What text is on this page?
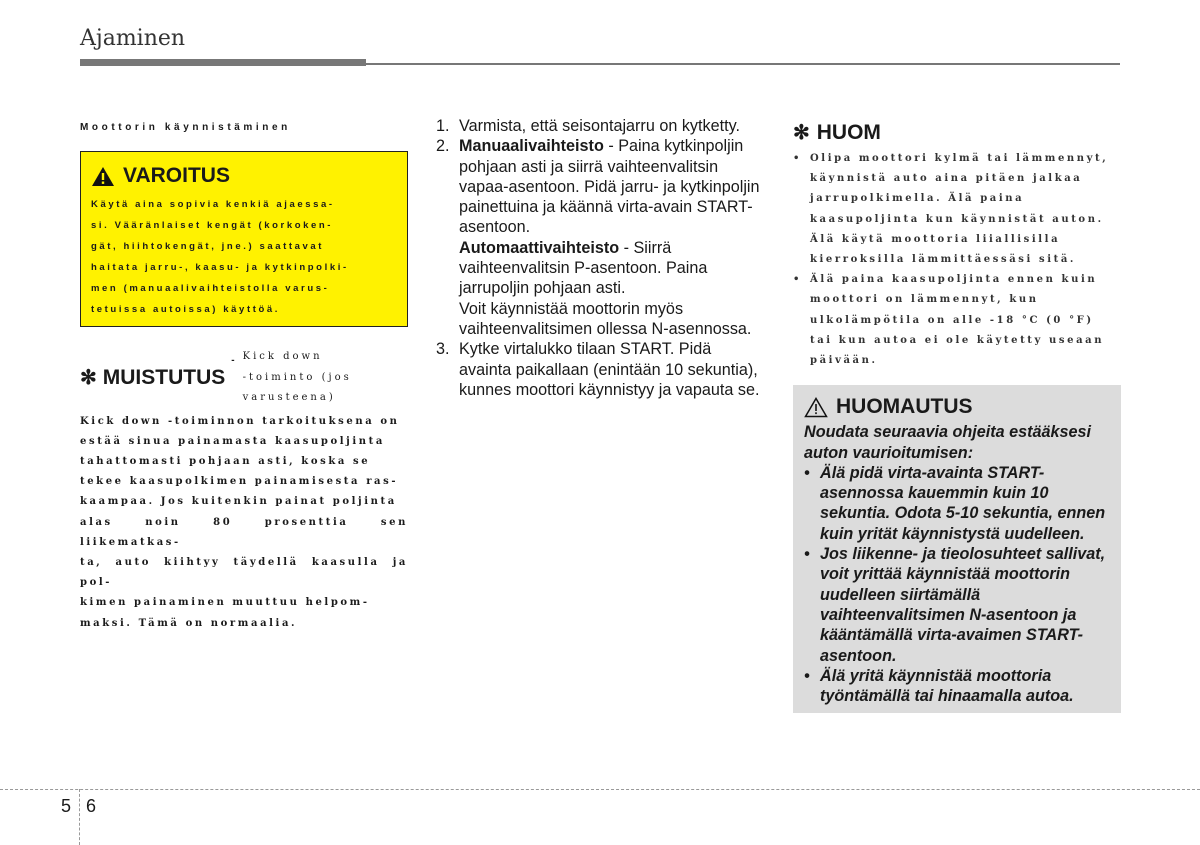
Ajaminen
Moottorin käynnistäminen
VAROITUS
Käytä aina sopivia kenkiä ajaessa-
si. Vääränlaiset kengät (korkoken-
gät, hiihtokengät, jne.) saattavat
haitata jarru-, kaasu- ja kytkinpolki-
men (manuaalivaihteistolla varus-
tetuissa autoissa) käyttöä.
✻ MUISTUTUS
- Kick down
-toiminto (jos
varusteena)
Kick down -toiminnon tarkoituksena on
estää sinua painamasta kaasupoljinta
tahattomasti pohjaan asti, koska se
tekee kaasupolkimen painamisesta ras-
kaampaa. Jos kuitenkin painat poljinta
alas noin 80 prosenttia sen liikematkas-
ta, auto kiihtyy täydellä kaasulla ja pol-
kimen painaminen muuttuu helpom-
maksi. Tämä on normaalia.
1. Varmista, että seisontajarru on kytketty.
2. Manuaalivaihteisto - Paina kytkinpoljin pohjaan asti ja siirrä vaihteenvalitsin vapaa-asentoon. Pidä jarru- ja kytkinpoljin painettuina ja käännä virta-avain START-asentoon.
Automaattivaihteisto - Siirrä vaihteenvalitsin P-asentoon. Paina jarrupoljin pohjaan asti.
Voit käynnistää moottorin myös vaihteenvalitsimen ollessa N-asennossa.
3. Kytke virtalukko tilaan START. Pidä avainta paikallaan (enintään 10 sekuntia), kunnes moottori käynnistyy ja vapauta se.
✻ HUOM
• Olipa moottori kylmä tai lämmennyt, käynnistä auto aina pitäen jalkaa jarrupolkimella. Älä paina kaasupoljinta kun käynnistät auton. Älä käytä moottoria liiallisilla kierroksilla lämmittäessäsi sitä.
• Älä paina kaasupoljinta ennen kuin moottori on lämmennyt, kun ulkolämpötila on alle -18 °C (0 °F) tai kun autoa ei ole käytetty useaan päivään.
HUOMAUTUS
Noudata seuraavia ohjeita estääksesi auton vaurioitumisen:
• Älä pidä virta-avainta START-asennossa kauemmin kuin 10 sekuntia. Odota 5-10 sekuntia, ennen kuin yrität käynnistystä uudelleen.
• Jos liikenne- ja tieolosuhteet sallivat, voit yrittää käynnistää moottorin uudelleen siirtämällä vaihteenvalitsimen N-asentoon ja kääntämällä virta-avaimen START-asentoon.
• Älä yritä käynnistää moottoria työntämällä tai hinaamalla autoa.
5 6
